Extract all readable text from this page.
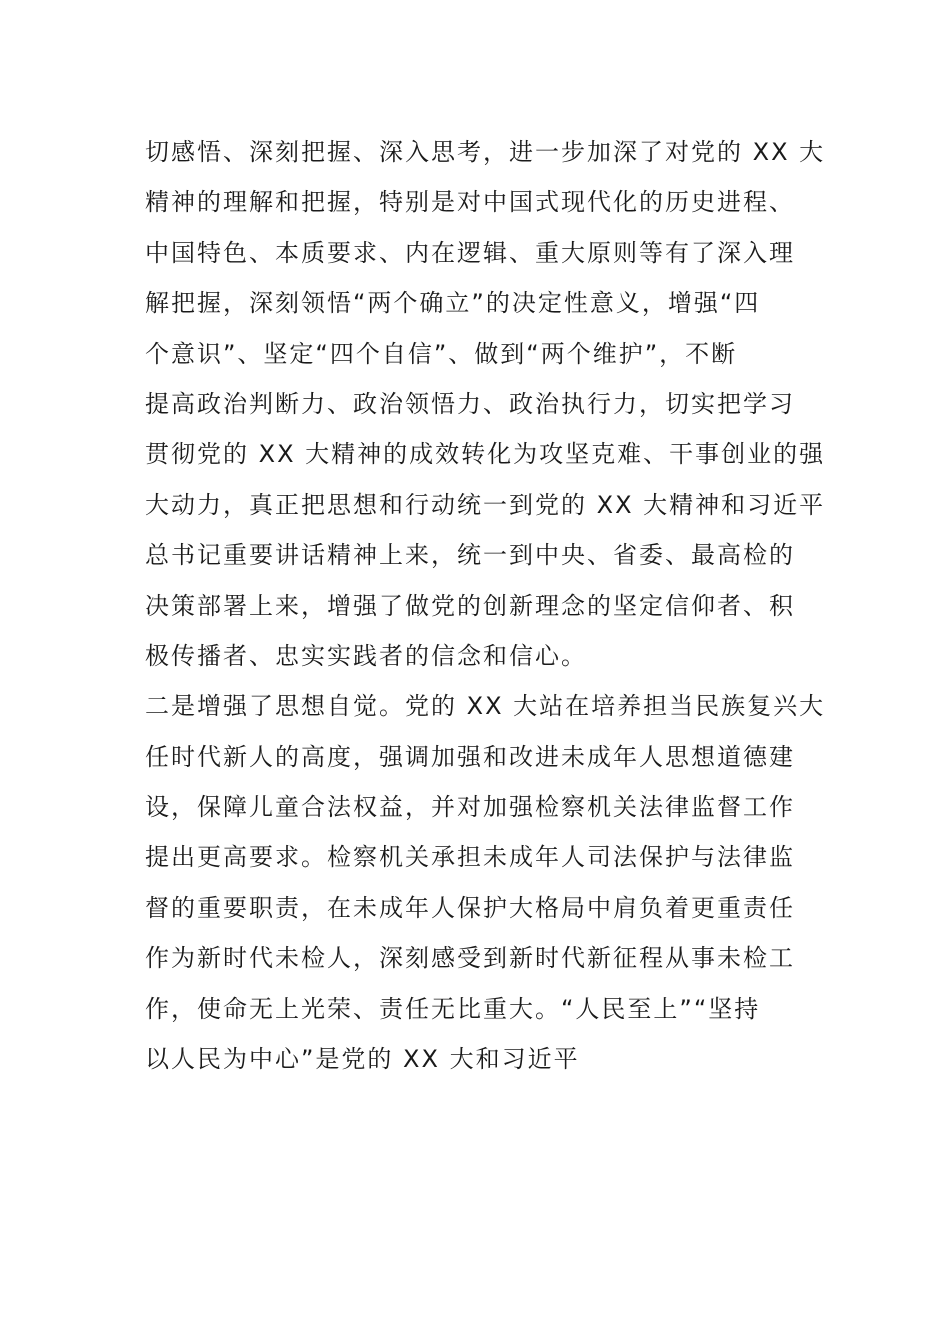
切感悟、深刻把握、深入思考，进一步加深了对党的 XX 大
精神的理解和把握，特别是对中国式现代化的历史进程、
中国特色、本质要求、内在逻辑、重大原则等有了深入理
解把握，深刻领悟“两个确立”的决定性意义，增强“四
个意识”、坚定“四个自信”、做到“两个维护”，不断
提高政治判断力、政治领悟力、政治执行力，切实把学习
贯彻党的 XX 大精神的成效转化为攻坚克难、干事创业的强
大动力，真正把思想和行动统一到党的 XX 大精神和习近平
总书记重要讲话精神上来，统一到中央、省委、最高检的
决策部署上来，增强了做党的创新理念的坚定信仰者、积
极传播者、忠实实践者的信念和信心。
二是增强了思想自觉。党的 XX 大站在培养担当民族复兴大
任时代新人的高度，强调加强和改进未成年人思想道德建
设，保障儿童合法权益，并对加强检察机关法律监督工作
提出更高要求。检察机关承担未成年人司法保护与法律监
督的重要职责，在未成年人保护大格局中肩负着更重责任
作为新时代未检人，深刻感受到新时代新征程从事未检工
作，使命无上光荣、责任无比重大。“人民至上”“坚持
以人民为中心”是党的 XX 大和习近平
